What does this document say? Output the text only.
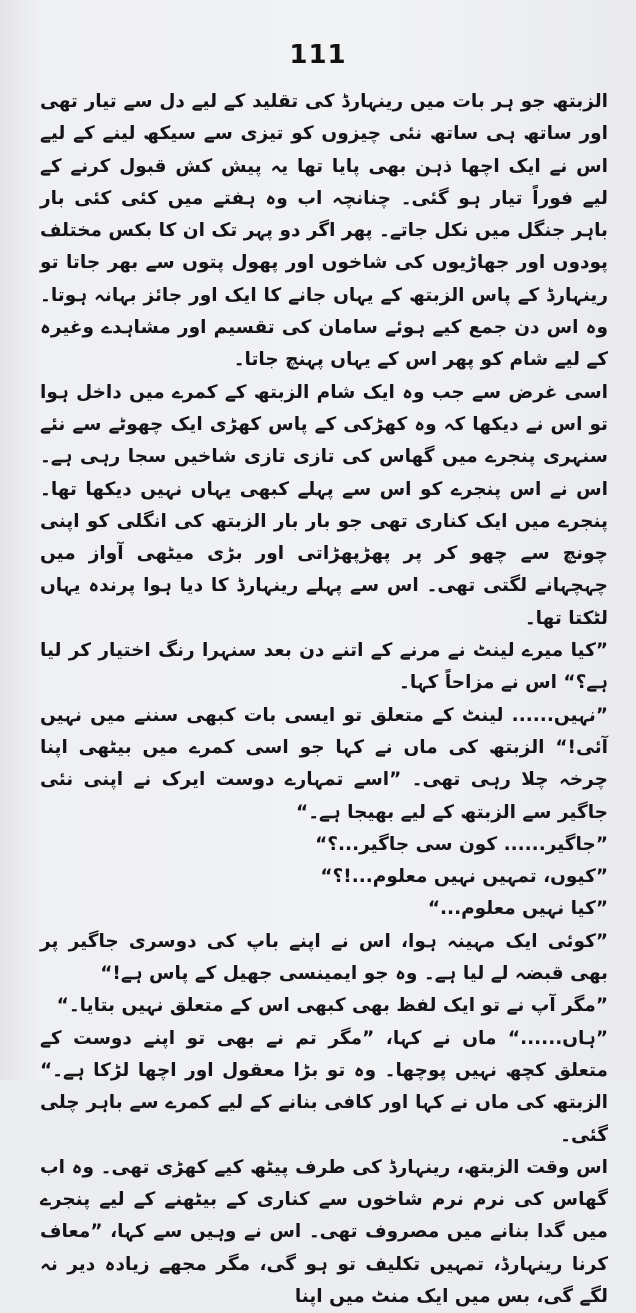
111

الزبتھ جو ہر بات میں رینہارڈ کی تقلید کے لیے دل سے تیار تھی اور ساتھ ہی ساتھ نئی چیزوں کو تیزی سے سیکھ لینے کے لیے اس نے ایک اچھا ذہن بھی پایا تھا یہ پیش کش قبول کرنے کے لیے فوراً تیار ہو گئی۔ چنانچہ اب وہ ہفتے میں کئی کئی بار باہر جنگل میں نکل جاتے۔ پھر اگر دو پہر تک ان کا بکس مختلف پودوں اور جھاڑیوں کی شاخوں اور پھول پتوں سے بھر جاتا تو رینہارڈ کے پاس الزبتھ کے یہاں جانے کا ایک اور جائز بہانہ ہوتا۔ وہ اس دن جمع کیے ہوئے سامان کی تقسیم اور مشاہدے وغیرہ کے لیے شام کو پھر اس کے یہاں پہنچ جاتا۔

اسی غرض سے جب وہ ایک شام الزبتھ کے کمرے میں داخل ہوا تو اس نے دیکھا کہ وہ کھڑکی کے پاس کھڑی ایک چھوٹے سے نئے سنہری پنجرے میں گھاس کی تازی تازی شاخیں سجا رہی ہے۔ اس نے اس پنجرے کو اس سے پہلے کبھی یہاں نہیں دیکھا تھا۔ پنجرے میں ایک کناری تھی جو بار بار الزبتھ کی انگلی کو اپنی چونچ سے چھو کر پر پھڑپھڑاتی اور بڑی میٹھی آواز میں چہچہانے لگتی تھی۔ اس سے پہلے رینہارڈ کا دیا ہوا پرندہ یہاں لٹکتا تھا۔

”کیا میرے لینٹ نے مرنے کے اتنے دن بعد سنہرا رنگ اختیار کر لیا ہے؟“ اس نے مزاحاً کہا۔

”نہیں...... لینٹ کے متعلق تو ایسی بات کبھی سننے میں نہیں آئی!“ الزبتھ کی ماں نے کہا جو اسی کمرے میں بیٹھی اپنا چرخہ چلا رہی تھی۔ ”اسے تمہارے دوست ایرک نے اپنی نئی جاگیر سے الزبتھ کے لیے بھیجا ہے۔“

”جاگیر...... کون سی جاگیر...؟“

”کیوں، تمہیں نہیں معلوم...!؟“

”کیا نہیں معلوم...“

”کوئی ایک مہینہ ہوا، اس نے اپنے باپ کی دوسری جاگیر پر بھی قبضہ لے لیا ہے۔ وہ جو ایمینسی جھیل کے پاس ہے!“

”مگر آپ نے تو ایک لفظ بھی کبھی اس کے متعلق نہیں بتایا۔“

”ہاں......“ ماں نے کہا، ”مگر تم نے بھی تو اپنے دوست کے متعلق کچھ نہیں پوچھا۔ وہ تو بڑا معقول اور اچھا لڑکا ہے۔“ الزبتھ کی ماں نے کہا اور کافی بنانے کے لیے کمرے سے باہر چلی گئی۔

اس وقت الزبتھ، رینہارڈ کی طرف پیٹھ کیے کھڑی تھی۔ وہ اب گھاس کی نرم نرم شاخوں سے کناری کے بیٹھنے کے لیے پنجرے میں گدا بنانے میں مصروف تھی۔ اس نے وہیں سے کہا، ”معاف کرنا رینہارڈ، تمہیں تکلیف تو ہو گی، مگر مجھے زیادہ دیر نہ لگے گی، بس میں ایک منٹ میں اپنا
